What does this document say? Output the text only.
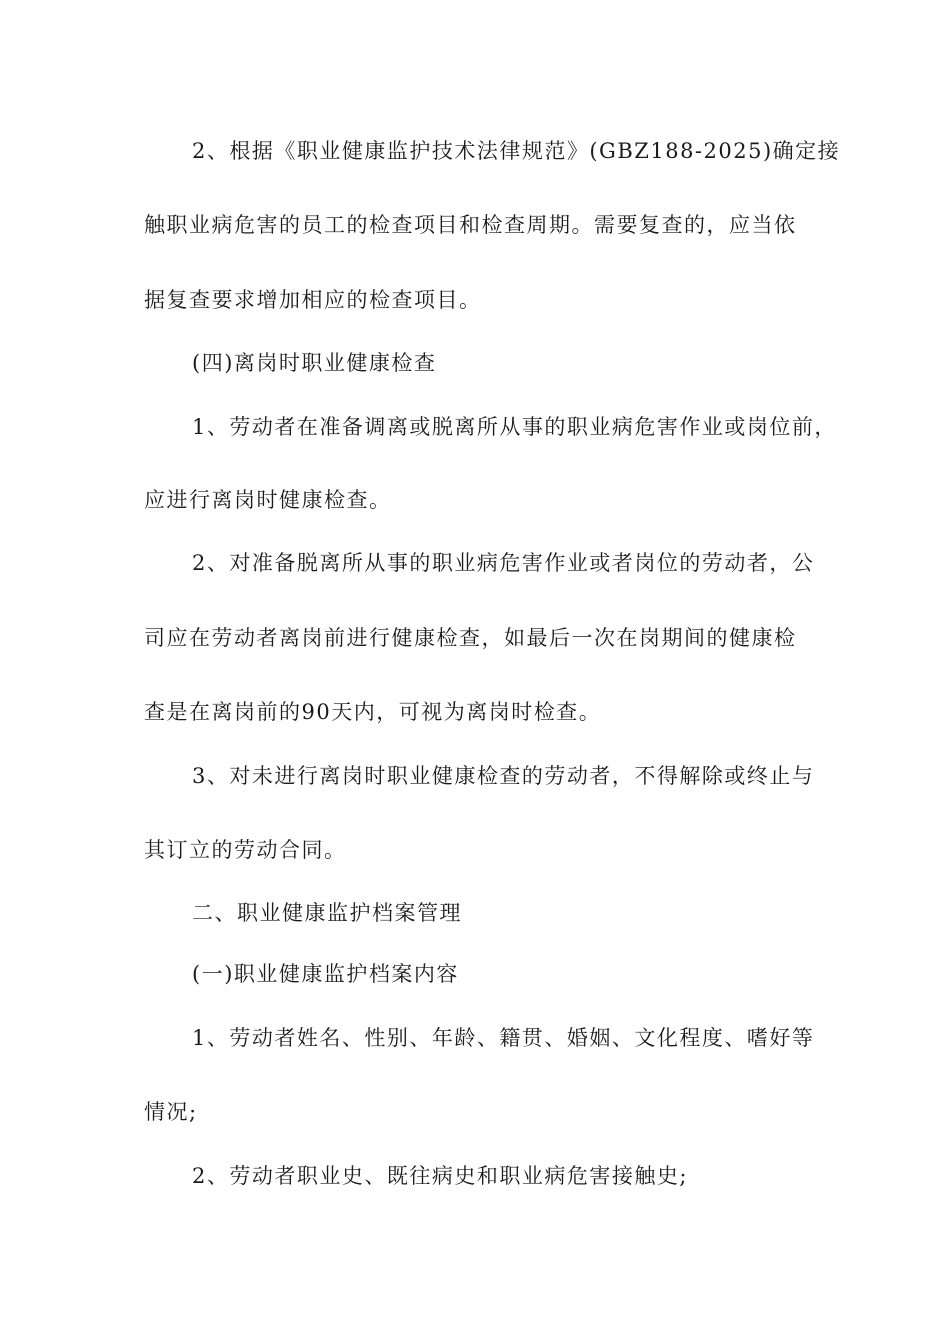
2、根据《职业健康监护技术法律规范》(GBZ188-2025)确定接
触职业病危害的员工的检查项目和检查周期。需要复查的，应当依
据复查要求增加相应的检查项目。
(四)离岗时职业健康检查
1、劳动者在准备调离或脱离所从事的职业病危害作业或岗位前，
应进行离岗时健康检查。
2、对准备脱离所从事的职业病危害作业或者岗位的劳动者，公
司应在劳动者离岗前进行健康检查，如最后一次在岗期间的健康检
查是在离岗前的90天内，可视为离岗时检查。
3、对未进行离岗时职业健康检查的劳动者，不得解除或终止与
其订立的劳动合同。
二、职业健康监护档案管理
(一)职业健康监护档案内容
1、劳动者姓名、性别、年龄、籍贯、婚姻、文化程度、嗜好等
情况;
2、劳动者职业史、既往病史和职业病危害接触史;
